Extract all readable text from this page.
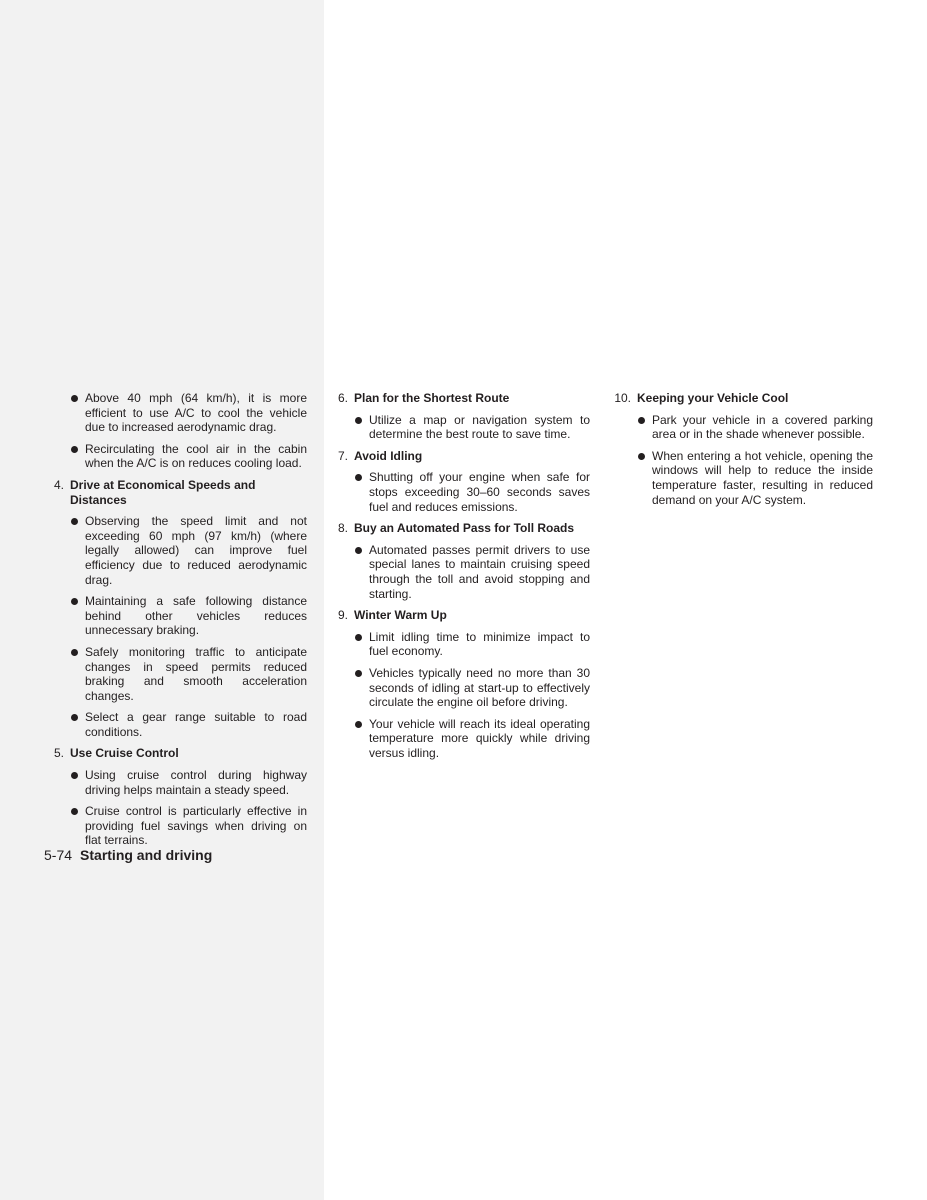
Above 40 mph (64 km/h), it is more efficient to use A/C to cool the vehicle due to increased aerodynamic drag.
Recirculating the cool air in the cabin when the A/C is on reduces cooling load.
4. Drive at Economical Speeds and Distances
Observing the speed limit and not exceeding 60 mph (97 km/h) (where legally allowed) can improve fuel efficiency due to reduced aerodynamic drag.
Maintaining a safe following distance behind other vehicles reduces unnecessary braking.
Safely monitoring traffic to anticipate changes in speed permits reduced braking and smooth acceleration changes.
Select a gear range suitable to road conditions.
5. Use Cruise Control
Using cruise control during highway driving helps maintain a steady speed.
Cruise control is particularly effective in providing fuel savings when driving on flat terrains.
6. Plan for the Shortest Route
Utilize a map or navigation system to determine the best route to save time.
7. Avoid Idling
Shutting off your engine when safe for stops exceeding 30–60 seconds saves fuel and reduces emissions.
8. Buy an Automated Pass for Toll Roads
Automated passes permit drivers to use special lanes to maintain cruising speed through the toll and avoid stopping and starting.
9. Winter Warm Up
Limit idling time to minimize impact to fuel economy.
Vehicles typically need no more than 30 seconds of idling at start-up to effectively circulate the engine oil before driving.
Your vehicle will reach its ideal operating temperature more quickly while driving versus idling.
10. Keeping your Vehicle Cool
Park your vehicle in a covered parking area or in the shade whenever possible.
When entering a hot vehicle, opening the windows will help to reduce the inside temperature faster, resulting in reduced demand on your A/C system.
5-74 Starting and driving
